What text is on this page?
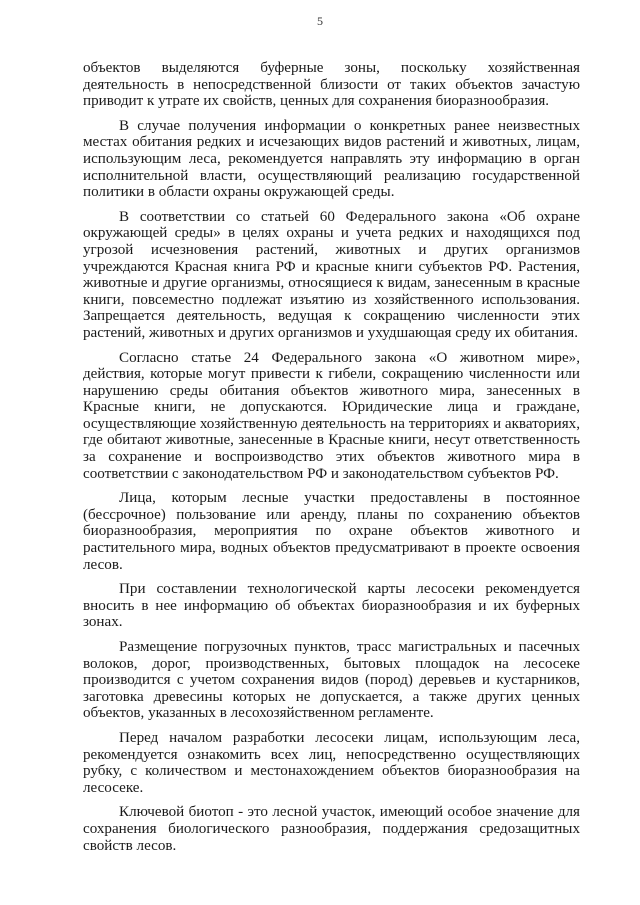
5

объектов выделяются буферные зоны, поскольку хозяйственная деятельность в непосредственной близости от таких объектов зачастую приводит к утрате их свойств, ценных для сохранения биоразнообразия.

В случае получения информации о конкретных ранее неизвестных местах обитания редких и исчезающих видов растений и животных, лицам, использующим леса, рекомендуется направлять эту информацию в орган исполнительной власти, осуществляющий реализацию государственной политики в области охраны окружающей среды.

В соответствии со статьей 60 Федерального закона «Об охране окружающей среды» в целях охраны и учета редких и находящихся под угрозой исчезновения растений, животных и других организмов учреждаются Красная книга РФ и красные книги субъектов РФ. Растения, животные и другие организмы, относящиеся к видам, занесенным в красные книги, повсеместно подлежат изъятию из хозяйственного использования. Запрещается деятельность, ведущая к сокращению численности этих растений, животных и других организмов и ухудшающая среду их обитания.

Согласно статье 24 Федерального закона «О животном мире», действия, которые могут привести к гибели, сокращению численности или нарушению среды обитания объектов животного мира, занесенных в Красные книги, не допускаются. Юридические лица и граждане, осуществляющие хозяйственную деятельность на территориях и акваториях, где обитают животные, занесенные в Красные книги, несут ответственность за сохранение и воспроизводство этих объектов животного мира в соответствии с законодательством РФ и законодательством субъектов РФ.

Лица, которым лесные участки предоставлены в постоянное (бессрочное) пользование или аренду, планы по сохранению объектов биоразнообразия, мероприятия по охране объектов животного и растительного мира, водных объектов предусматривают в проекте освоения лесов.

При составлении технологической карты лесосеки рекомендуется вносить в нее информацию об объектах биоразнообразия и их буферных зонах.

Размещение погрузочных пунктов, трасс магистральных и пасечных волоков, дорог, производственных, бытовых площадок на лесосеке производится с учетом сохранения видов (пород) деревьев и кустарников, заготовка древесины которых не допускается, а также других ценных объектов, указанных в лесохозяйственном регламенте.

Перед началом разработки лесосеки лицам, использующим леса, рекомендуется ознакомить всех лиц, непосредственно осуществляющих рубку, с количеством и местонахождением объектов биоразнообразия на лесосеке.

Ключевой биотоп - это лесной участок, имеющий особое значение для сохранения биологического разнообразия, поддержания средозащитных свойств лесов.
